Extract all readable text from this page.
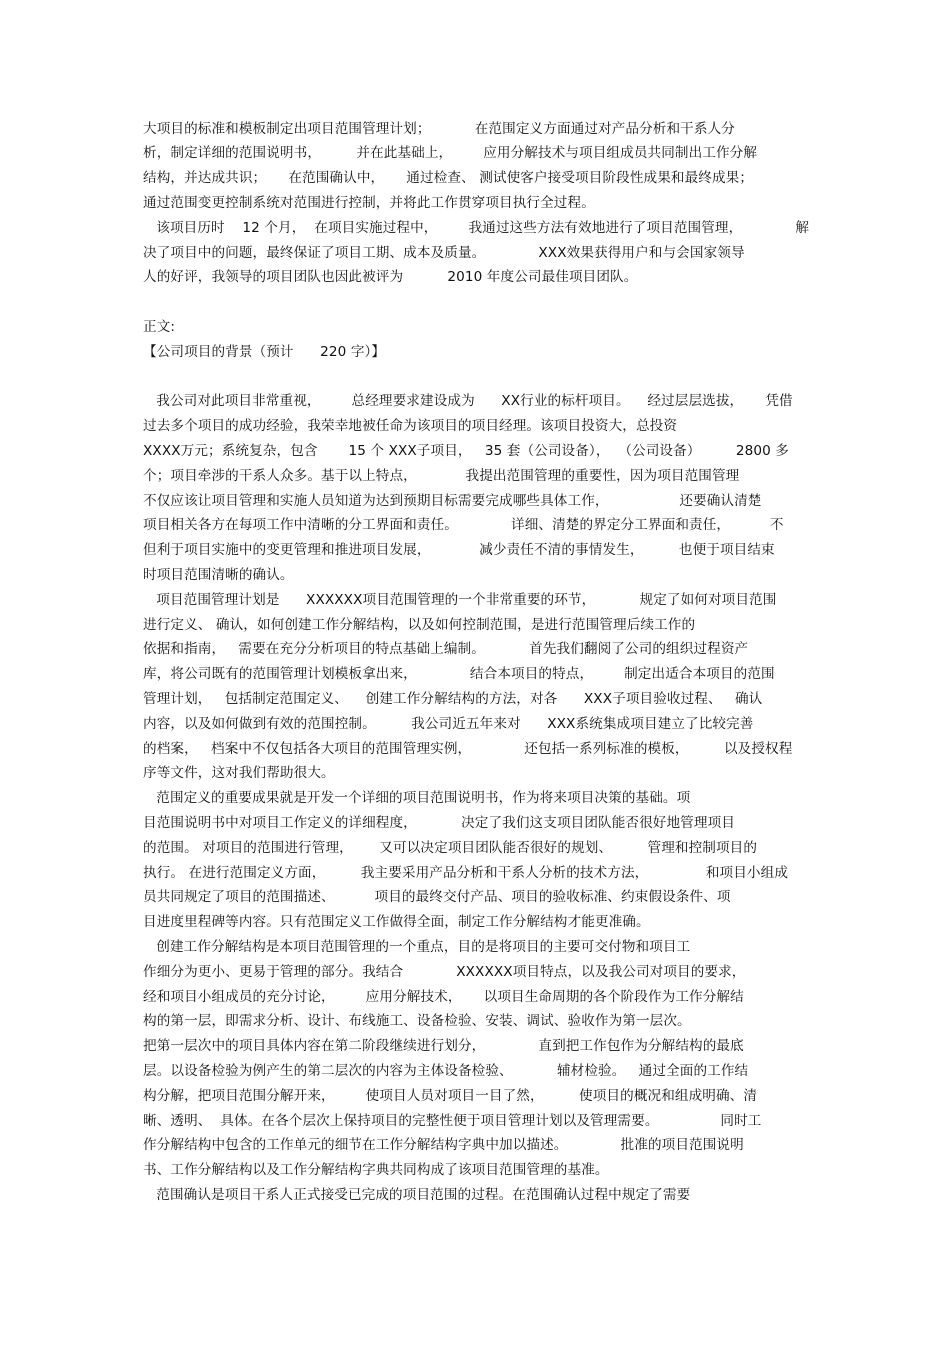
大项目的标准和模板制定出项目范围管理计划；          在范围定义方面通过对产品分析和干系人分
析，制定详细的范围说明书，        并在此基础上，       应用分解技术与项目组成员共同制出工作分解
结构，并达成共识；     在范围确认中，     通过检查、 测试使客户接受项目阶段性成果和最终成果；
通过范围变更控制系统对范围进行控制，并将此工作贯穿项目执行全过程。
该项目历时    12 个月，  在项目实施过程中，       我通过这些方法有效地进行了项目范围管理，            解
决了项目中的问题，最终保证了项目工期、成本及质量。            XXX效果获得用户和与会国家领导
人的好评，我领导的项目团队也因此被评为          2010 年度公司最佳项目团队。
正文:
【公司项目的背景（预计      220 字）】
我公司对此项目非常重视，       总经理要求建设成为      XX行业的标杆项目。    经过层层选拔，     凭借
过去多个项目的成功经验，我荣幸地被任命为该项目的项目经理。该项目投资大，总投资
XXXX万元；系统复杂，包含       15 个 XXX子项目，   35 套（公司设备），  （公司设备）        2800 多
个；项目牵涉的干系人众多。基于以上特点，           我提出范围管理的重要性，因为项目范围管理
不仅应该让项目管理和实施人员知道为达到预期目标需要完成哪些具体工作，                还要确认清楚
项目相关各方在每项工作中清晰的分工界面和责任。            详细、清楚的界定分工界面和责任，         不
但利于项目实施中的变更管理和推进项目发展，           减少责任不清的事情发生，        也便于项目结束
时项目范围清晰的确认。
项目范围管理计划是      XXXXXX项目范围管理的一个非常重要的环节，          规定了如何对项目范围
进行定义、 确认，如何创建工作分解结构，以及如何控制范围，是进行范围管理后续工作的
依据和指南，   需要在充分分析项目的特点基础上编制。          首先我们翻阅了公司的组织过程资产
库，将公司既有的范围管理计划模板拿出来，            结合本项目的特点，       制定出适合本项目的范围
管理计划，   包括制定范围定义、    创建工作分解结构的方法，对各      XXX子项目验收过程、   确认
内容，以及如何做到有效的范围控制。        我公司近五年来对      XXX系统集成项目建立了比较完善
的档案，   档案中不仅包括各大项目的范围管理实例，            还包括一系列标准的模板，        以及授权程
序等文件，这对我们帮助很大。
范围定义的重要成果就是开发一个详细的项目范围说明书，作为将来项目决策的基础。项
目范围说明书中对项目工作定义的详细程度，          决定了我们这支项目团队能否很好地管理项目
的范围。 对项目的范围进行管理，      又可以决定项目团队能否很好的规划、        管理和控制项目的
执行。 在进行范围定义方面，        我主要采用产品分析和干系人分析的技术方法，             和项目小组成
员共同规定了项目的范围描述、         项目的最终交付产品、项目的验收标准、约束假设条件、项
目进度里程碑等内容。只有范围定义工作做得全面，制定工作分解结构才能更准确。
创建工作分解结构是本项目范围管理的一个重点，目的是将项目的主要可交付物和项目工
作细分为更小、更易于管理的部分。我结合            XXXXXX项目特点，以及我公司对项目的要求，
经和项目小组成员的充分讨论，       应用分解技术，     以项目生命周期的各个阶段作为工作分解结
构的第一层，即需求分析、设计、布线施工、设备检验、安装、调试、验收作为第一层次。
把第一层次中的项目具体内容在第二阶段继续进行划分，            直到把工作包作为分解结构的最底
层。以设备检验为例产生的第二层次的内容为主体设备检验、          辅材检验。   通过全面的工作结
构分解，把项目范围分解开来，       使项目人员对项目一目了然，        使项目的概况和组成明确、清
晰、透明、  具体。在各个层次上保持项目的完整性便于项目管理计划以及管理需要。              同时工
作分解结构中包含的工作单元的细节在工作分解结构字典中加以描述。            批准的项目范围说明
书、工作分解结构以及工作分解结构字典共同构成了该项目范围管理的基准。
范围确认是项目干系人正式接受已完成的项目范围的过程。在范围确认过程中规定了需要
